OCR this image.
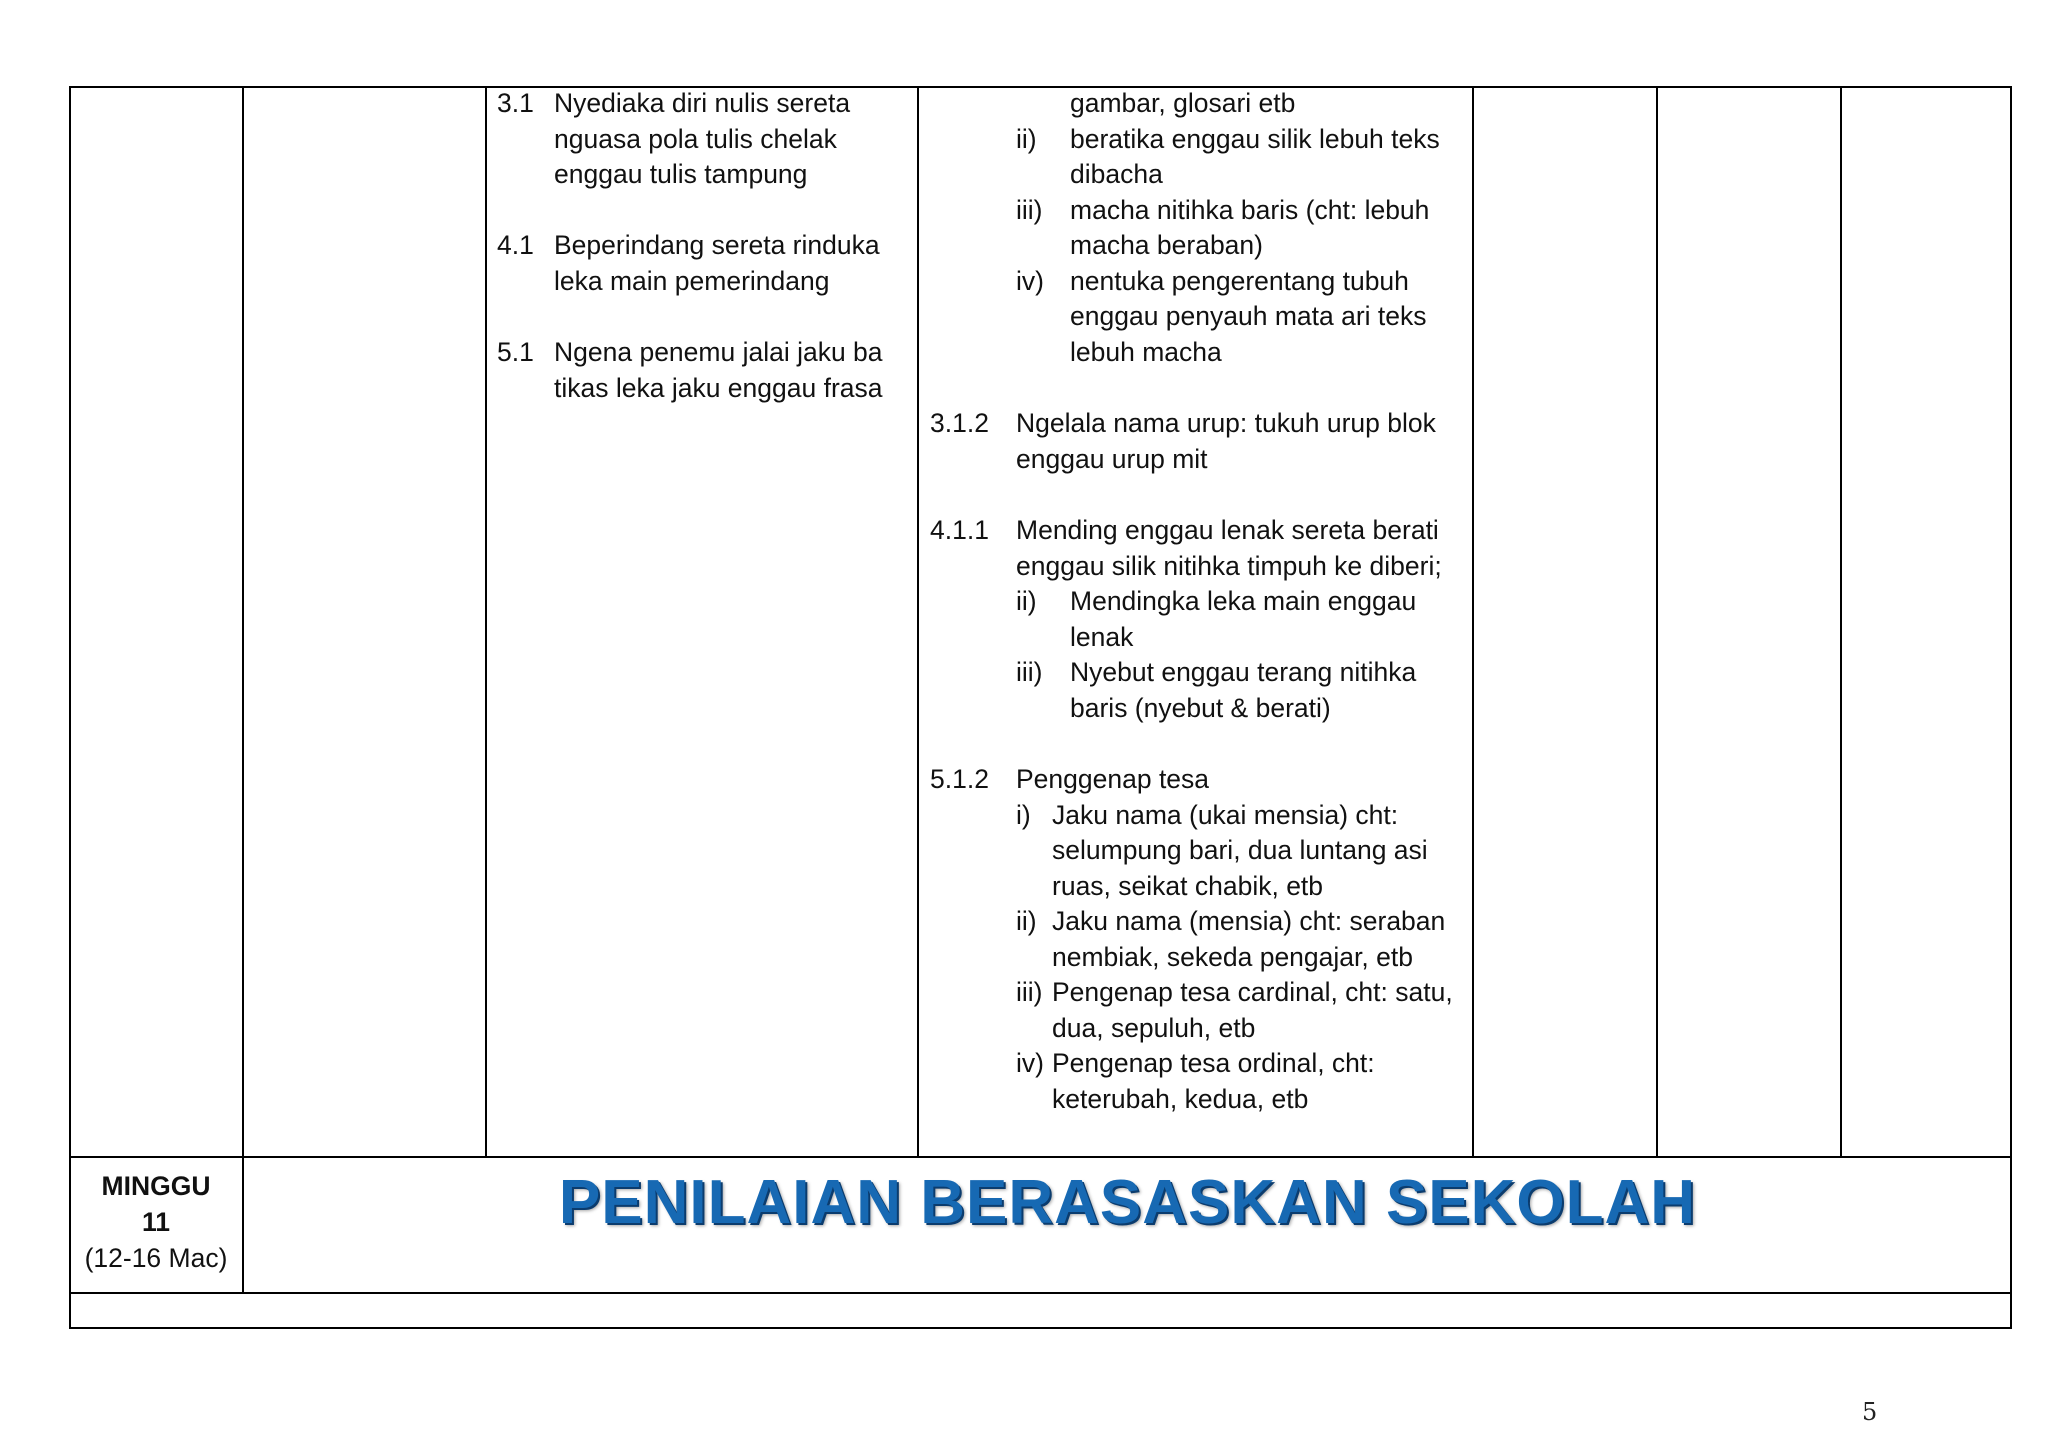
3.1 Nyediaka diri nulis sereta
nguasa pola tulis chelak
enggau tulis tampung
4.1 Beperindang sereta rinduka
leka main pemerindang
5.1 Ngena penemu jalai jaku ba
tikas leka jaku enggau frasa
gambar, glosari etb
ii) beratika enggau silik lebuh teks
dibacha
iii) macha nitihka baris (cht: lebuh
macha beraban)
iv) nentuka pengerentang tubuh
enggau penyauh mata ari teks
lebuh macha
3.1.2 Ngelala nama urup: tukuh urup blok
enggau urup mit
4.1.1 Mending enggau lenak sereta berati
enggau silik nitihka timpuh ke diberi;
ii) Mendingka leka main enggau
lenak
iii) Nyebut enggau terang nitihka
baris (nyebut & berati)
5.1.2 Penggenap tesa
i) Jaku nama (ukai mensia) cht:
selumpung bari, dua luntang asi
ruas, seikat chabik, etb
ii) Jaku nama (mensia) cht: seraban
nembiak, sekeda pengajar, etb
iii) Pengenap tesa cardinal, cht: satu,
dua, sepuluh, etb
iv) Pengenap tesa ordinal, cht:
keterubah, kedua, etb
MINGGU
11
(12-16 Mac)
PENILAIAN BERASASKAN SEKOLAH
5
